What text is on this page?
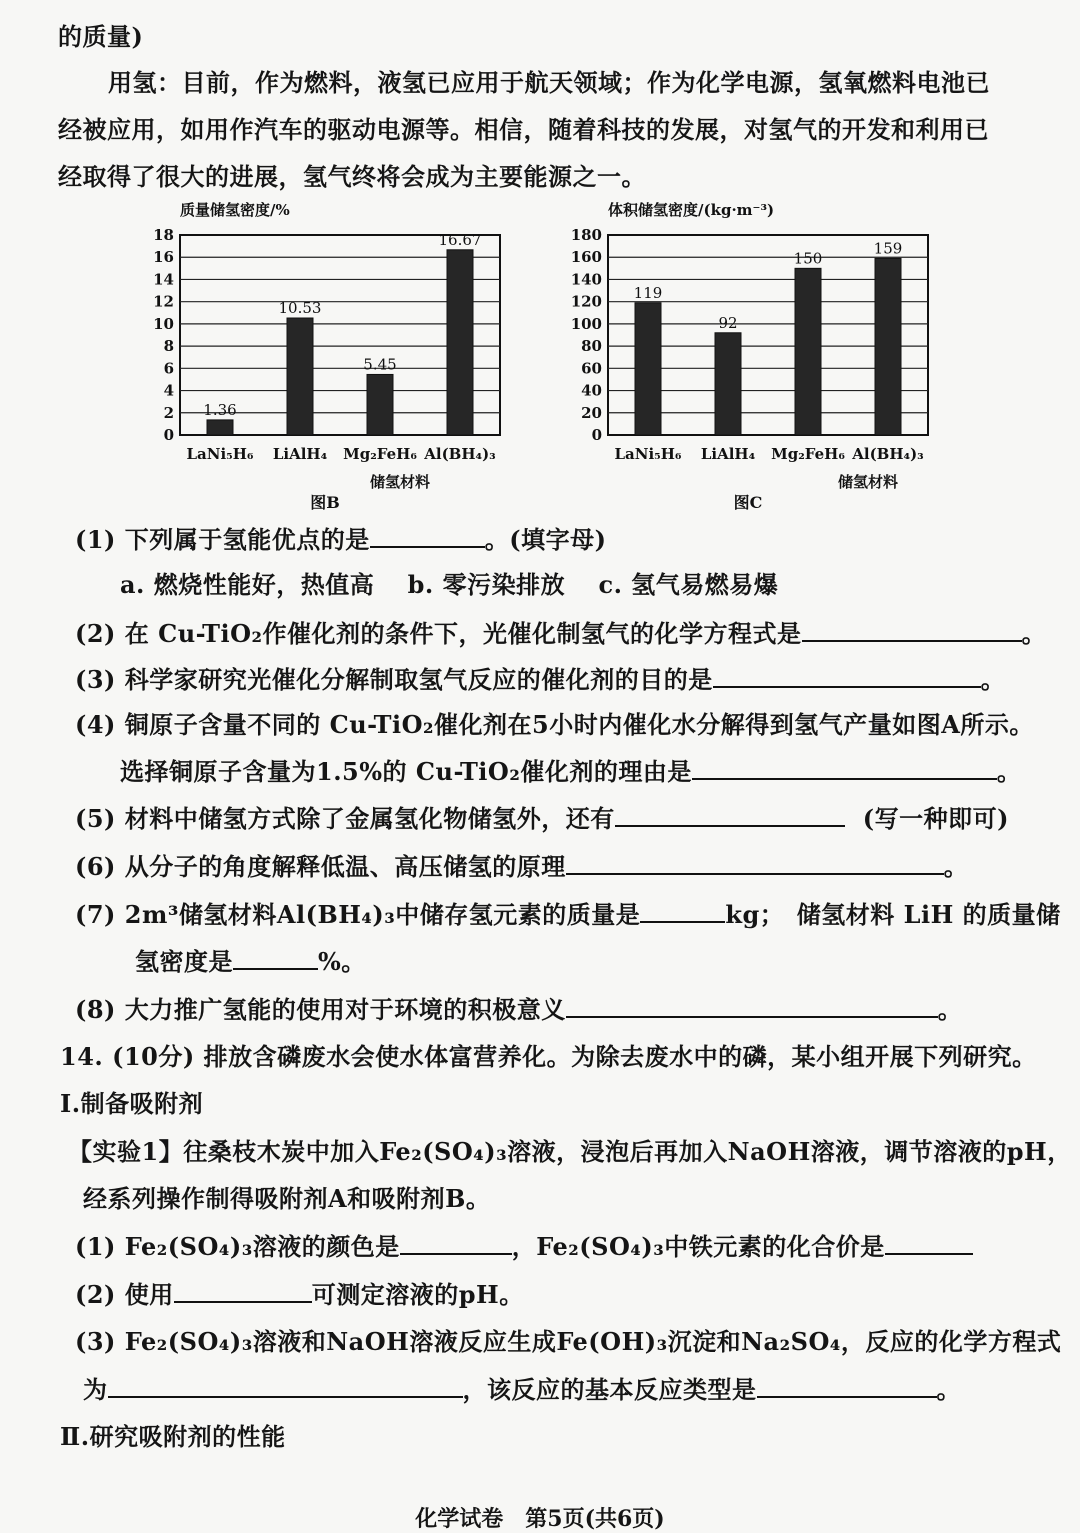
的质量)
用氢：目前，作为燃料，液氢已应用于航天领域；作为化学电源，氢氧燃料电池已
经被应用，如用作汽车的驱动电源等。相信，随着科技的发展，对氢气的开发和利用已
经取得了很大的进展，氢气终将会成为主要能源之一。
质量储氢密度/%
储氢材料
图B
0
2
4
6
8
10
12
14
16
18
1.36
LaNi₅H₆
10.53
LiAlH₄
5.45
Mg₂FeH₆
16.67
Al(BH₄)₃
体积储氢密度/(kg·m⁻³)
储氢材料
图C
0
20
40
60
80
100
120
140
160
180
119
LaNi₅H₆
92
LiAlH₄
150
Mg₂FeH₆
159
Al(BH₄)₃
(1) 下列属于氢能优点的是	。(填字母)
a. 燃烧性能好，热值高　 b. 零污染排放　 c. 氢气易燃易爆
(2) 在 Cu-TiO₂作催化剂的条件下，光催化制氢气的化学方程式是	。
(3) 科学家研究光催化分解制取氢气反应的催化剂的目的是	。
(4) 铜原子含量不同的 Cu-TiO₂催化剂在5小时内催化水分解得到氢气产量如图A所示。
选择铜原子含量为1.5%的 Cu-TiO₂催化剂的理由是	。
(5) 材料中储氢方式除了金属氢化物储氢外，还有	(写一种即可)
(6) 从分子的角度解释低温、高压储氢的原理	。
(7) 2m³储氢材料Al(BH₄)₃中储存氢元素的质量是	kg；　储氢材料 LiH 的质量储
氢密度是	%。
(8) 大力推广氢能的使用对于环境的积极意义	。
14. (10分) 排放含磷废水会使水体富营养化。为除去废水中的磷，某小组开展下列研究。
Ⅰ.制备吸附剂
【实验1】往桑枝木炭中加入Fe₂(SO₄)₃溶液，浸泡后再加入NaOH溶液，调节溶液的pH，
经系列操作制得吸附剂A和吸附剂B。
(1) Fe₂(SO₄)₃溶液的颜色是	，Fe₂(SO₄)₃中铁元素的化合价是
(2) 使用	可测定溶液的pH。
(3) Fe₂(SO₄)₃溶液和NaOH溶液反应生成Fe(OH)₃沉淀和Na₂SO₄，反应的化学方程式
为	，该反应的基本反应类型是	。
Ⅱ.研究吸附剂的性能
化学试卷　第5页(共6页)
